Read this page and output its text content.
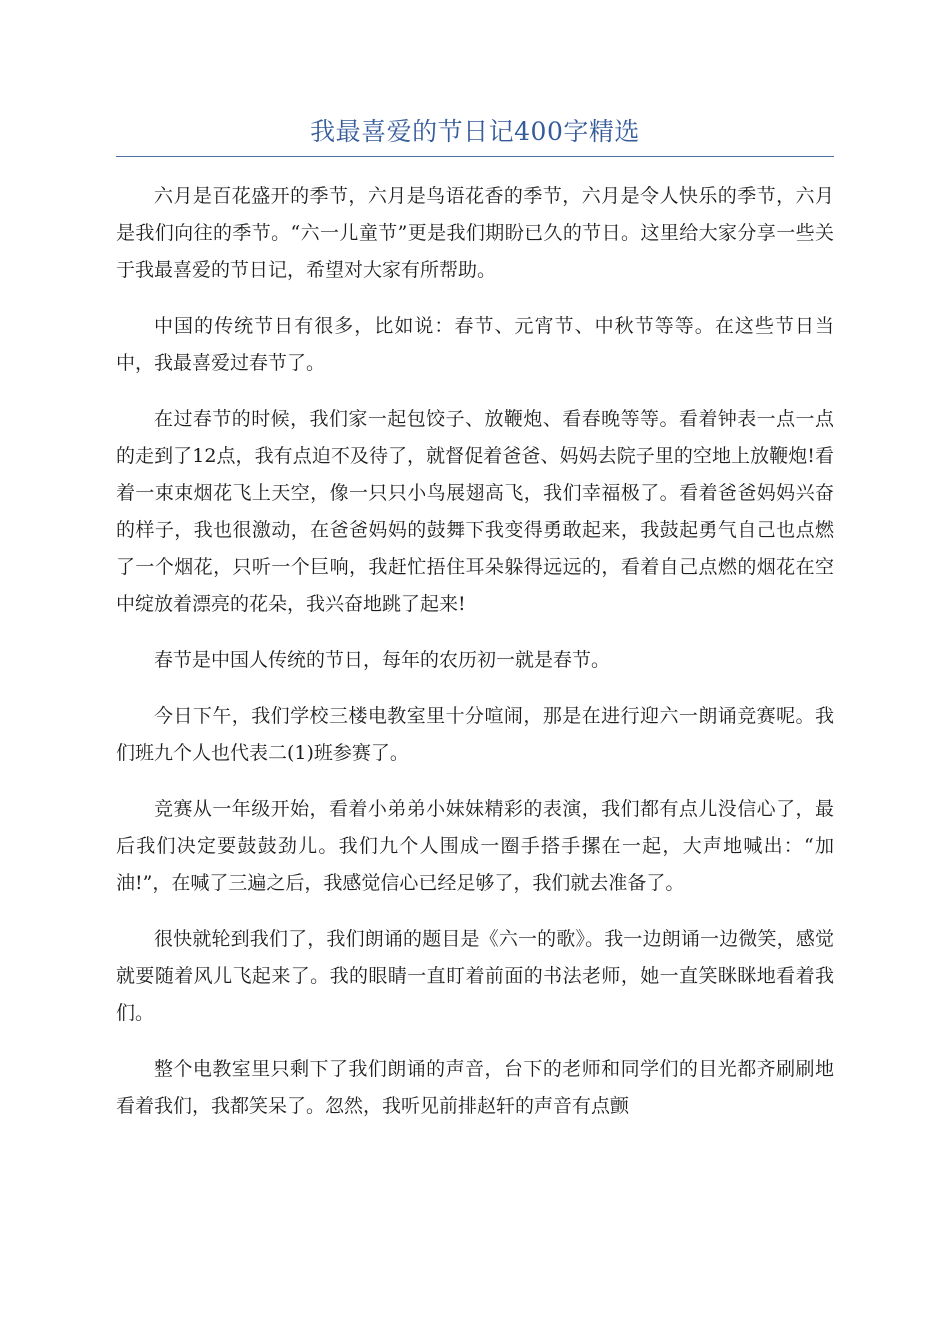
我最喜爱的节日记400字精选

六月是百花盛开的季节，六月是鸟语花香的季节，六月是令人快乐的季节，六月是我们向往的季节。“六一儿童节”更是我们期盼已久的节日。这里给大家分享一些关于我最喜爱的节日记，希望对大家有所帮助。

中国的传统节日有很多，比如说：春节、元宵节、中秋节等等。在这些节日当中，我最喜爱过春节了。

在过春节的时候，我们家一起包饺子、放鞭炮、看春晚等等。看着钟表一点一点的走到了12点，我有点迫不及待了，就督促着爸爸、妈妈去院子里的空地上放鞭炮!看着一束束烟花飞上天空，像一只只小鸟展翅高飞，我们幸福极了。看着爸爸妈妈兴奋的样子，我也很激动，在爸爸妈妈的鼓舞下我变得勇敢起来，我鼓起勇气自己也点燃了一个烟花，只听一个巨响，我赶忙捂住耳朵躲得远远的，看着自己点燃的烟花在空中绽放着漂亮的花朵，我兴奋地跳了起来!

春节是中国人传统的节日，每年的农历初一就是春节。

今日下午，我们学校三楼电教室里十分喧闹，那是在进行迎六一朗诵竞赛呢。我们班九个人也代表二(1)班参赛了。

竞赛从一年级开始，看着小弟弟小妹妹精彩的表演，我们都有点儿没信心了，最后我们决定要鼓鼓劲儿。我们九个人围成一圈手搭手摞在一起，大声地喊出：“加油!”，在喊了三遍之后，我感觉信心已经足够了，我们就去准备了。

很快就轮到我们了，我们朗诵的题目是《六一的歌》。我一边朗诵一边微笑，感觉就要随着风儿飞起来了。我的眼睛一直盯着前面的书法老师，她一直笑眯眯地看着我们。

整个电教室里只剩下了我们朗诵的声音，台下的老师和同学们的目光都齐刷刷地看着我们，我都笑呆了。忽然，我听见前排赵轩的声音有点颤
